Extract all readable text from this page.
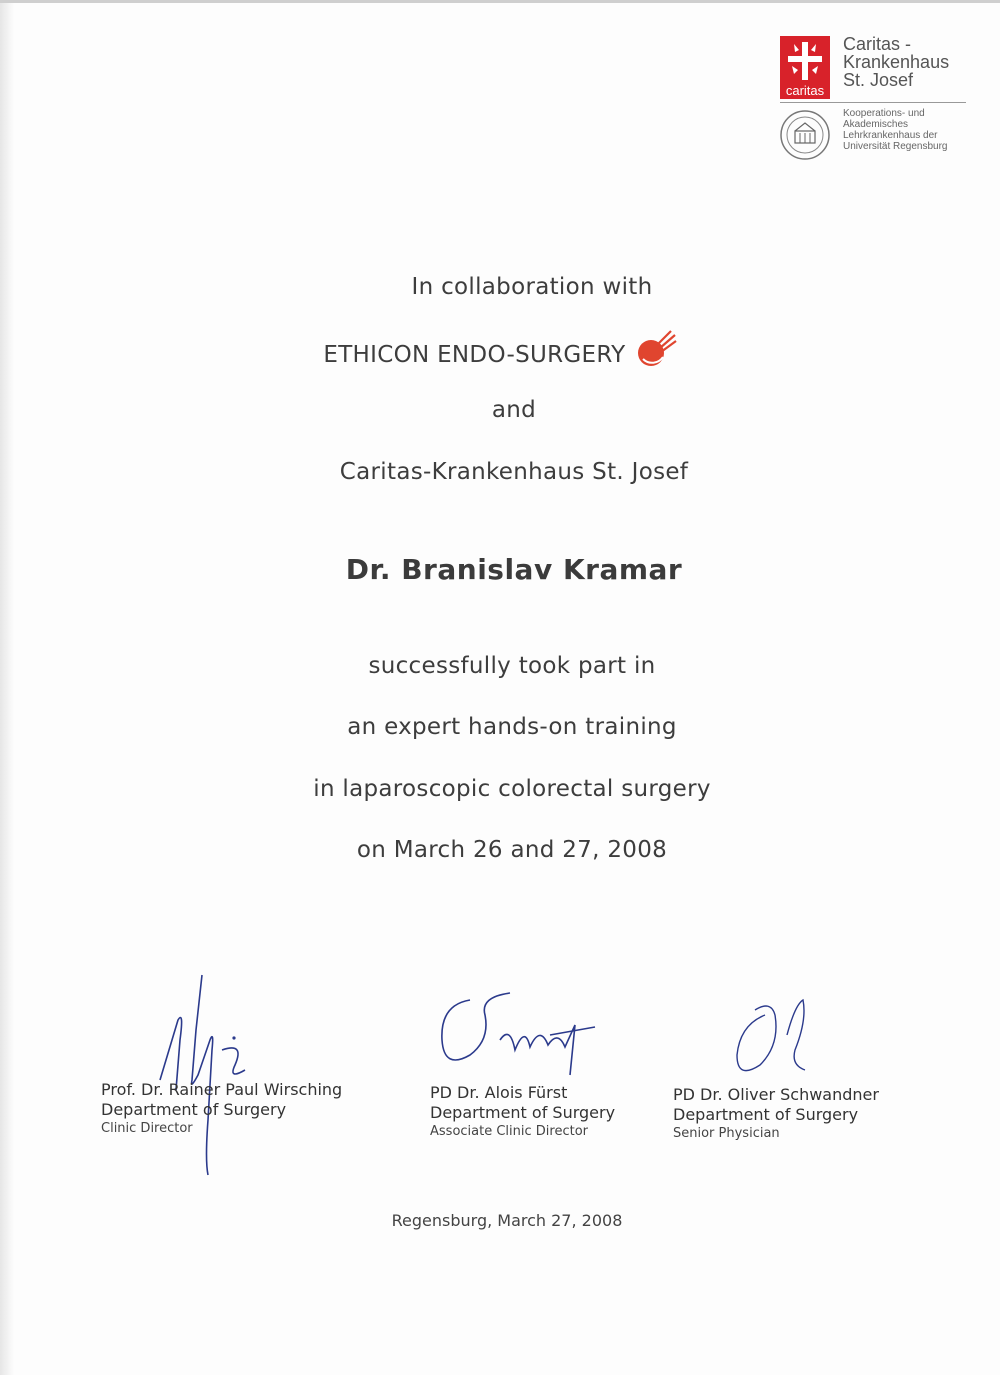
caritas
Caritas -
Krankenhaus
St. Josef
Kooperations- und
Akademisches
Lehrkrankenhaus der
Universität Regensburg
In collaboration with
ETHICON ENDO-SURGERY
and
Caritas-Krankenhaus St. Josef
Dr. Branislav Kramar
successfully took part in
an expert hands-on training
in laparoscopic colorectal surgery
on March 26 and 27, 2008
Prof. Dr. Rainer Paul Wirsching
Department of Surgery
Clinic Director
PD Dr. Alois Fürst
Department of Surgery
Associate Clinic Director
PD Dr. Oliver Schwandner
Department of Surgery
Senior Physician
Regensburg, March 27, 2008
